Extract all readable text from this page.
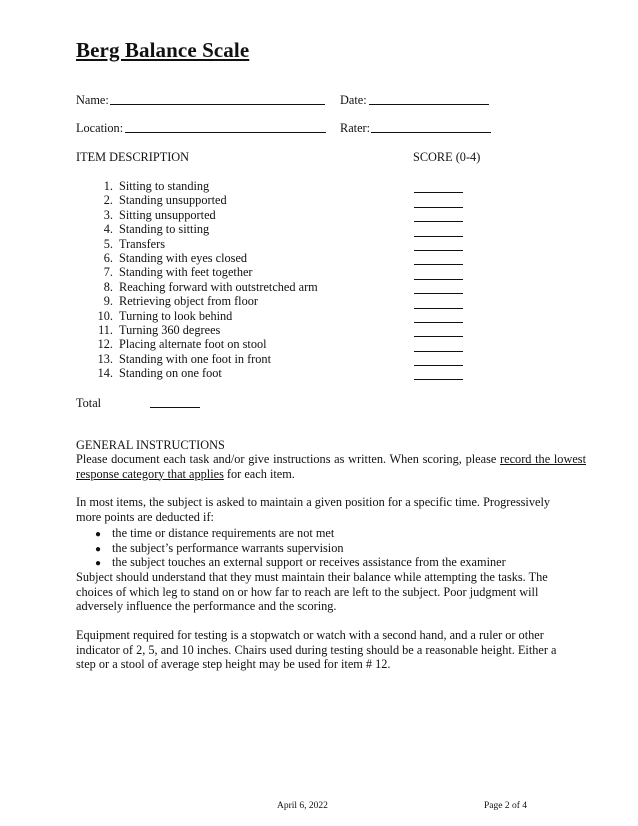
Berg Balance Scale
Name:	Date:
Location:	Rater:
ITEM DESCRIPTION	SCORE (0-4)
1. Sitting to standing
2. Standing unsupported
3. Sitting unsupported
4. Standing to sitting
5. Transfers
6. Standing with eyes closed
7. Standing with feet together
8. Reaching forward with outstretched arm
9. Retrieving object from floor
10. Turning to look behind
11. Turning 360 degrees
12. Placing alternate foot on stool
13. Standing with one foot in front
14. Standing on one foot
Total
GENERAL INSTRUCTIONS
Please document each task and/or give instructions as written. When scoring, please record the lowest response category that applies for each item.
In most items, the subject is asked to maintain a given position for a specific time. Progressively more points are deducted if:
● the time or distance requirements are not met
● the subject’s performance warrants supervision
● the subject touches an external support or receives assistance from the examiner
Subject should understand that they must maintain their balance while attempting the tasks. The choices of which leg to stand on or how far to reach are left to the subject. Poor judgment will adversely influence the performance and the scoring.
Equipment required for testing is a stopwatch or watch with a second hand, and a ruler or other indicator of 2, 5, and 10 inches. Chairs used during testing should be a reasonable height. Either a step or a stool of average step height may be used for item # 12.
April 6, 2022	Page 2 of 4
